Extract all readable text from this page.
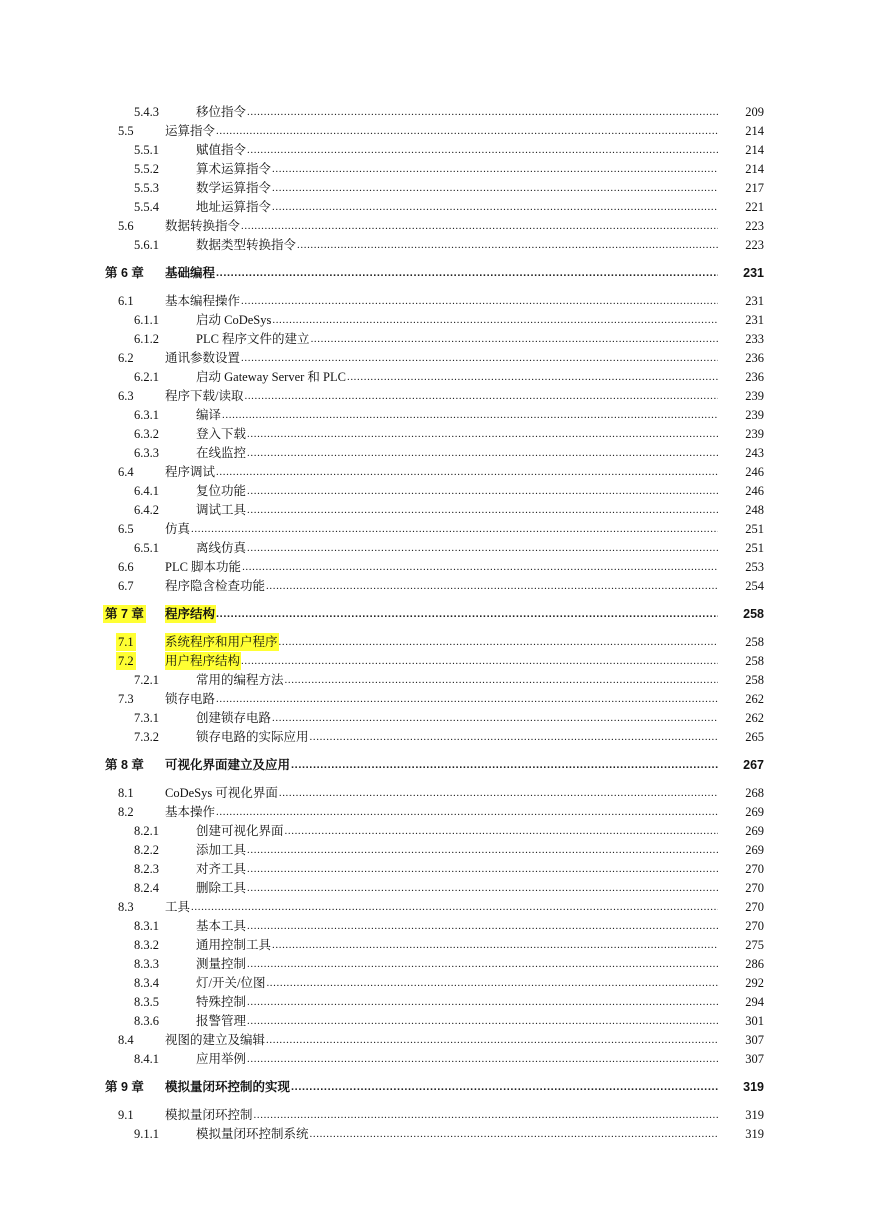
5.4.3	移位指令 .....	209
5.5	运算指令 .....	214
5.5.1	赋值指令 .....	214
5.5.2	算术运算指令 .....	214
5.5.3	数学运算指令 .....	217
5.5.4	地址运算指令 .....	221
5.6	数据转换指令 .....	223
5.6.1	数据类型转换指令 .....	223
第 6 章 基础编程 .....	231
6.1	基本编程操作 .....	231
6.1.1	启动 CoDeSys .....	231
6.1.2	PLC 程序文件的建立 .....	233
6.2	通讯参数设置 .....	236
6.2.1	启动 Gateway Server 和 PLC .....	236
6.3	程序下载/读取 .....	239
6.3.1	编译 .....	239
6.3.2	登入下载 .....	239
6.3.3	在线监控 .....	243
6.4	程序调试 .....	246
6.4.1	复位功能 .....	246
6.4.2	调试工具 .....	248
6.5	仿真 .....	251
6.5.1	离线仿真 .....	251
6.6	PLC 脚本功能 .....	253
6.7	程序隐含检查功能 .....	254
第 7 章 程序结构 .....	258
7.1	系统程序和用户程序 .....	258
7.2	用户程序结构 .....	258
7.2.1	常用的编程方法 .....	258
7.3	锁存电路 .....	262
7.3.1	创建锁存电路 .....	262
7.3.2	锁存电路的实际应用 .....	265
第 8 章 可视化界面建立及应用 .....	267
8.1	CoDeSys 可视化界面 .....	268
8.2	基本操作 .....	269
8.2.1	创建可视化界面 .....	269
8.2.2	添加工具 .....	269
8.2.3	对齐工具 .....	270
8.2.4	删除工具 .....	270
8.3	工具 .....	270
8.3.1	基本工具 .....	270
8.3.2	通用控制工具 .....	275
8.3.3	测量控制 .....	286
8.3.4	灯/开关/位图 .....	292
8.3.5	特殊控制 .....	294
8.3.6	报警管理 .....	301
8.4	视图的建立及编辑 .....	307
8.4.1	应用举例 .....	307
第 9 章 模拟量闭环控制的实现 .....	319
9.1	模拟量闭环控制 .....	319
9.1.1	模拟量闭环控制系统 .....	319
